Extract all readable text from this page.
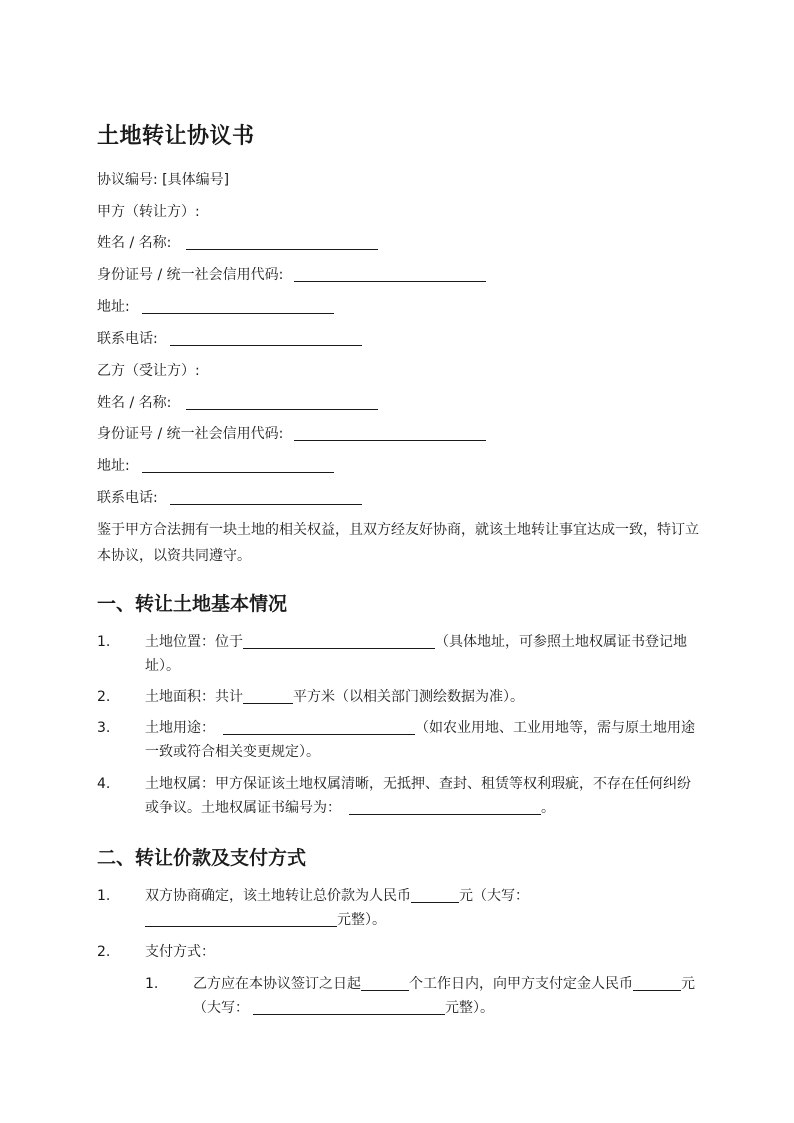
土地转让协议书
协议编号: [具体编号]
甲方（转让方）:
姓名 / 名称:
身份证号 / 统一社会信用代码:
地址:
联系电话:
乙方（受让方）:
姓名 / 名称:
身份证号 / 统一社会信用代码:
地址:
联系电话:
鉴于甲方合法拥有一块土地的相关权益，且双方经友好协商，就该土地转让事宜达成一致，特订立本协议，以资共同遵守。
一、转让土地基本情况
1. 土地位置：位于	（具体地址，可参照土地权属证书登记地址）。
2. 土地面积：共计	平方米（以相关部门测绘数据为准）。
3. 土地用途：	（如农业用地、工业用地等，需与原土地用途一致或符合相关变更规定）。
4. 土地权属：甲方保证该土地权属清晰，无抵押、查封、租赁等权利瑕疵，不存在任何纠纷或争议。土地权属证书编号为：	。
二、转让价款及支付方式
1. 双方协商确定，该土地转让总价款为人民币	元（大写：元整）。
2. 支付方式：
1. 乙方应在本协议签订之日起	个工作日内，向甲方支付定金人民币	元（大写：	元整）。
